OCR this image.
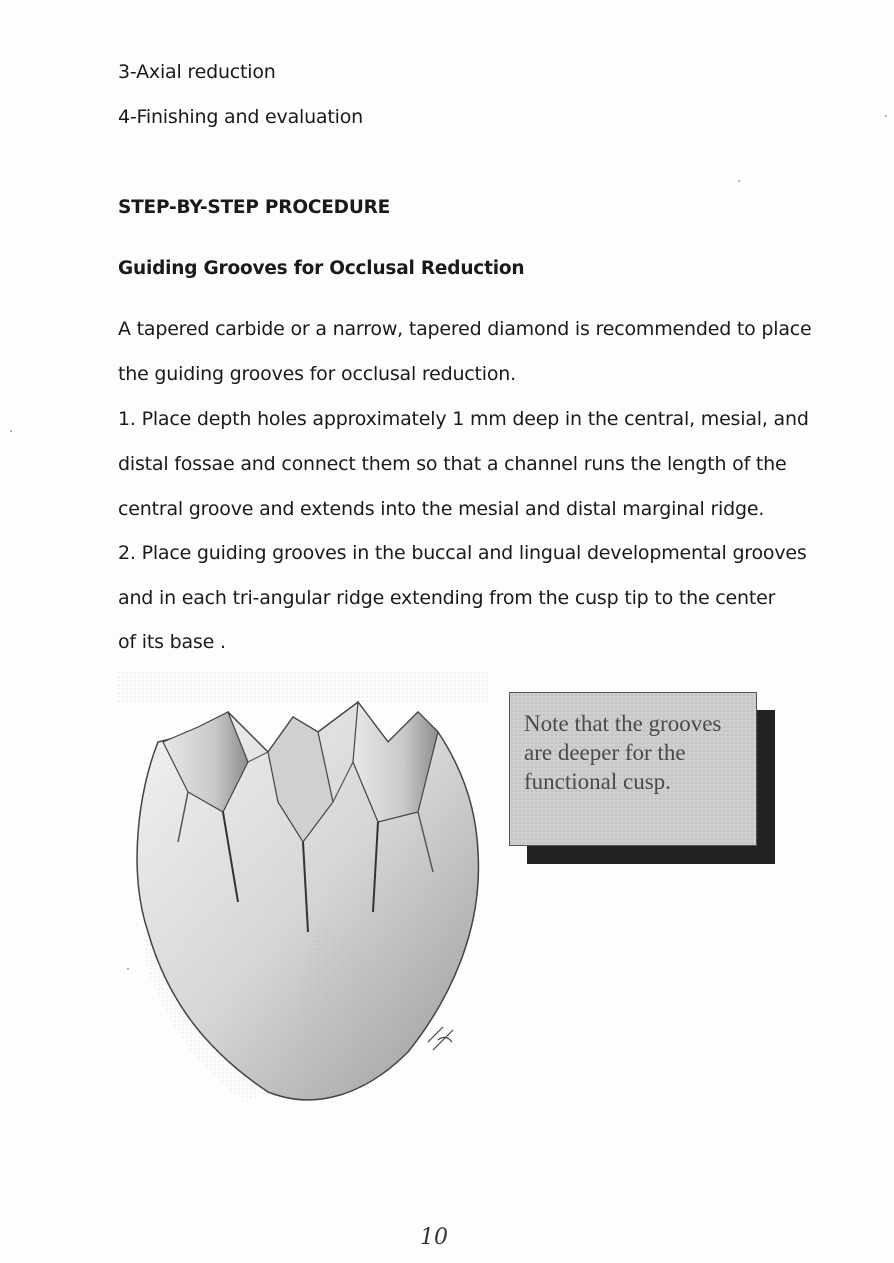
3-Axial reduction
4-Finishing and evaluation
STEP-BY-STEP PROCEDURE
Guiding Grooves for Occlusal Reduction
A tapered carbide or a narrow, tapered diamond is recommended to place
the guiding grooves for occlusal reduction.
1. Place depth holes approximately 1 mm deep in the central, mesial, and
distal fossae and connect them so that a channel runs the length of the
central groove and extends into the mesial and distal marginal ridge.
2. Place guiding grooves in the buccal and lingual developmental grooves
and in each tri-angular ridge extending from the cusp tip to the center
of its base .
Note that the grooves are deeper for the functional cusp.
10
